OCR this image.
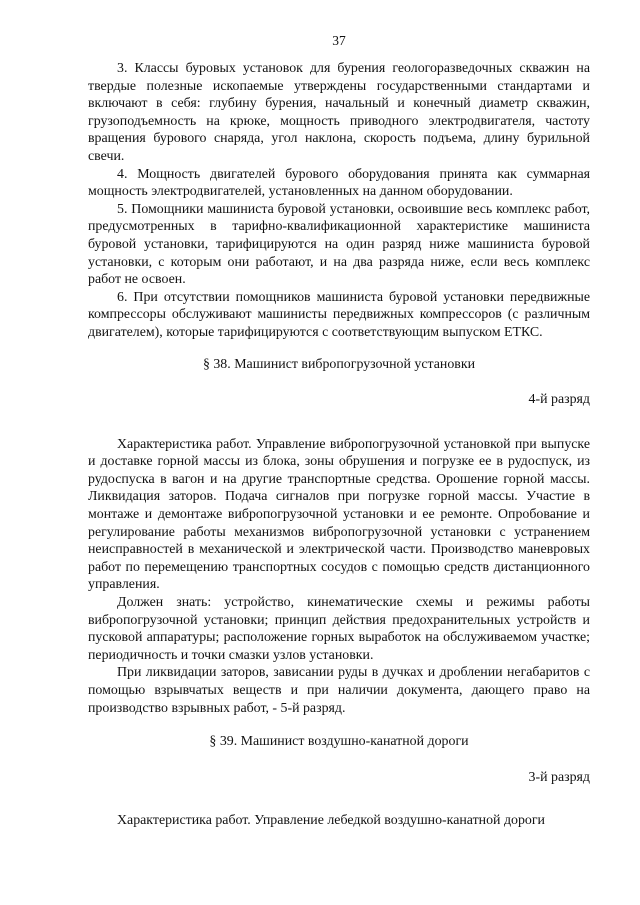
37

3. Классы буровых установок для бурения геологоразведочных скважин на твердые полезные ископаемые утверждены государственными стандартами и включают в себя: глубину бурения, начальный и конечный диаметр скважин, грузоподъемность на крюке, мощность приводного электродвигателя, частоту вращения бурового снаряда, угол наклона, скорость подъема, длину бурильной свечи.

4. Мощность двигателей бурового оборудования принята как суммарная мощность электродвигателей, установленных на данном оборудовании.

5. Помощники машиниста буровой установки, освоившие весь комплекс работ, предусмотренных в тарифно-квалификационной характеристике машиниста буровой установки, тарифицируются на один разряд ниже машиниста буровой установки, с которым они работают, и на два разряда ниже, если весь комплекс работ не освоен.

6. При отсутствии помощников машиниста буровой установки передвижные компрессоры обслуживают машинисты передвижных компрессоров (с различным двигателем), которые тарифицируются с соответствующим выпуском ЕТКС.

§ 38. Машинист вибропогрузочной установки

4-й разряд

Характеристика работ. Управление вибропогрузочной установкой при выпуске и доставке горной массы из блока, зоны обрушения и погрузке ее в рудоспуск, из рудоспуска в вагон и на другие транспортные средства. Орошение горной массы. Ликвидация заторов. Подача сигналов при погрузке горной массы. Участие в монтаже и демонтаже вибропогрузочной установки и ее ремонте. Опробование и регулирование работы механизмов вибропогрузочной установки с устранением неисправностей в механической и электрической части. Производство маневровых работ по перемещению транспортных сосудов с помощью средств дистанционного управления.

Должен знать: устройство, кинематические схемы и режимы работы вибропогрузочной установки; принцип действия предохранительных устройств и пусковой аппаратуры; расположение горных выработок на обслуживаемом участке; периодичность и точки смазки узлов установки.

При ликвидации заторов, зависании руды в дучках и дроблении негабаритов с помощью взрывчатых веществ и при наличии документа, дающего право на производство взрывных работ, - 5-й разряд.

§ 39. Машинист воздушно-канатной дороги

3-й разряд

Характеристика работ. Управление лебедкой воздушно-канатной дороги
